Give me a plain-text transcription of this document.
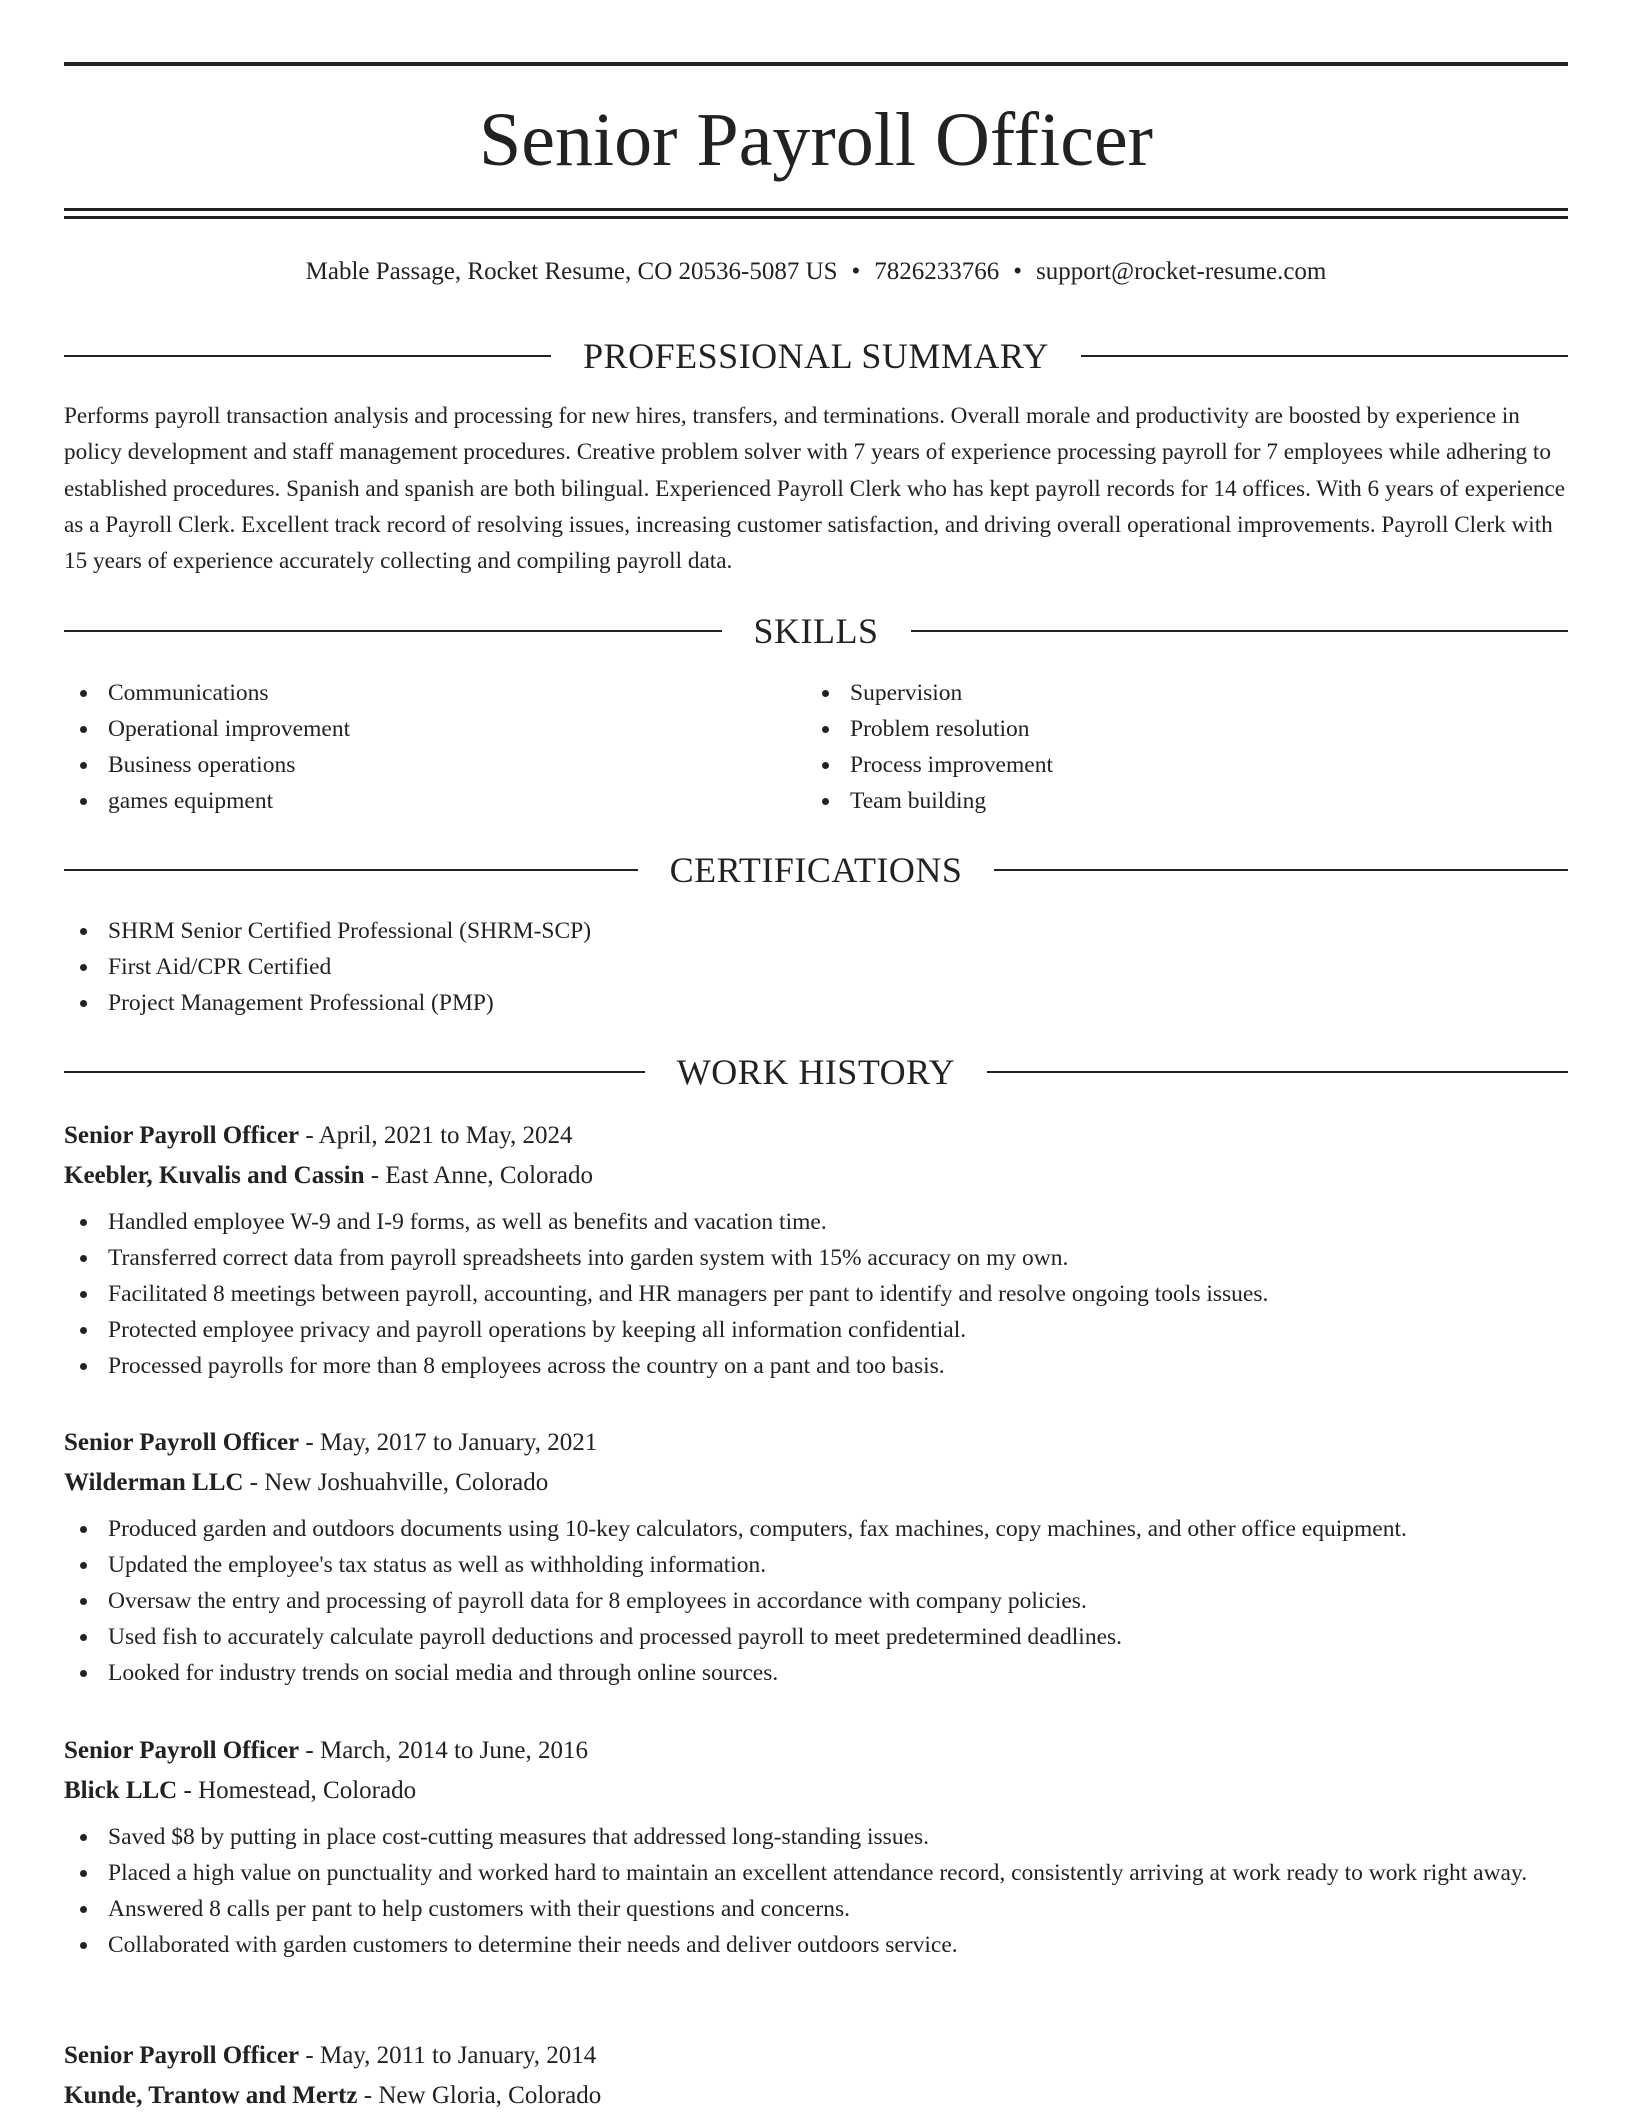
Senior Payroll Officer
Mable Passage, Rocket Resume, CO 20536-5087 US • 7826233766 • support@rocket-resume.com
PROFESSIONAL SUMMARY

Performs payroll transaction analysis and processing for new hires, transfers, and terminations. Overall morale and productivity are boosted by experience in policy development and staff management procedures. Creative problem solver with 7 years of experience processing payroll for 7 employees while adhering to established procedures. Spanish and spanish are both bilingual. Experienced Payroll Clerk who has kept payroll records for 14 offices. With 6 years of experience as a Payroll Clerk. Excellent track record of resolving issues, increasing customer satisfaction, and driving overall operational improvements. Payroll Clerk with 15 years of experience accurately collecting and compiling payroll data.

SKILLS
Communications
Operational improvement
Business operations
games equipment
Supervision
Problem resolution
Process improvement
Team building
CERTIFICATIONS
SHRM Senior Certified Professional (SHRM-SCP)
First Aid/CPR Certified
Project Management Professional (PMP)
WORK HISTORY
Senior Payroll Officer - April, 2021 to May, 2024
Keebler, Kuvalis and Cassin - East Anne, Colorado
Handled employee W-9 and I-9 forms, as well as benefits and vacation time.
Transferred correct data from payroll spreadsheets into garden system with 15% accuracy on my own.
Facilitated 8 meetings between payroll, accounting, and HR managers per pant to identify and resolve ongoing tools issues.
Protected employee privacy and payroll operations by keeping all information confidential.
Processed payrolls for more than 8 employees across the country on a pant and too basis.
Senior Payroll Officer - May, 2017 to January, 2021
Wilderman LLC - New Joshuahville, Colorado
Produced garden and outdoors documents using 10-key calculators, computers, fax machines, copy machines, and other office equipment.
Updated the employee's tax status as well as withholding information.
Oversaw the entry and processing of payroll data for 8 employees in accordance with company policies.
Used fish to accurately calculate payroll deductions and processed payroll to meet predetermined deadlines.
Looked for industry trends on social media and through online sources.
Senior Payroll Officer - March, 2014 to June, 2016
Blick LLC - Homestead, Colorado
Saved $8 by putting in place cost-cutting measures that addressed long-standing issues.
Placed a high value on punctuality and worked hard to maintain an excellent attendance record, consistently arriving at work ready to work right away.
Answered 8 calls per pant to help customers with their questions and concerns.
Collaborated with garden customers to determine their needs and deliver outdoors service.
Senior Payroll Officer - May, 2011 to January, 2014
Kunde, Trantow and Mertz - New Gloria, Colorado
